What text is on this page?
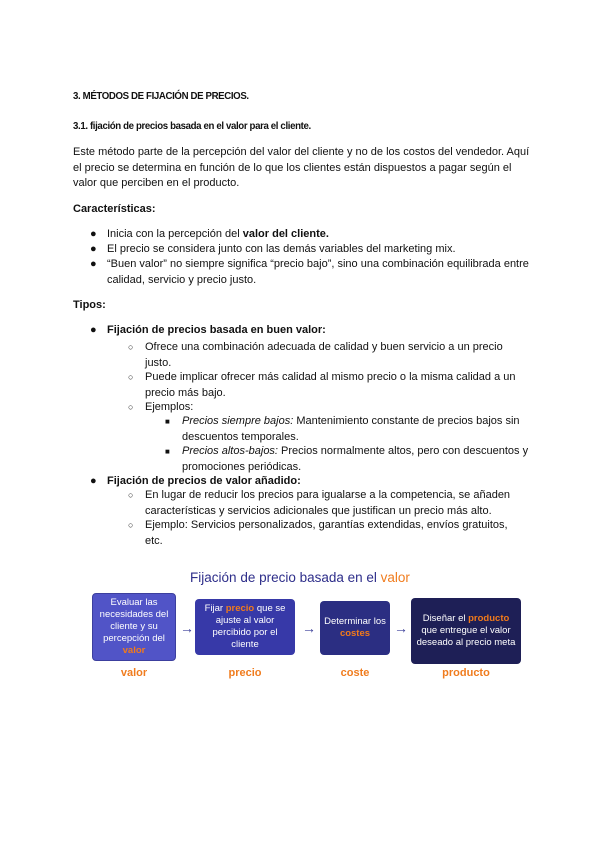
3. MÉTODOS DE FIJACIÓN DE PRECIOS.
3.1. fijación de precios basada en el valor para el cliente.
Este método parte de la percepción del valor del cliente y no de los costos del vendedor. Aquí el precio se determina en función de lo que los clientes están dispuestos a pagar según el valor que perciben en el producto.
Características:
● Inicia con la percepción del valor del cliente.
● El precio se considera junto con las demás variables del marketing mix.
● “Buen valor” no siempre significa “precio bajo”, sino una combinación equilibrada entre calidad, servicio y precio justo.
Tipos:
● Fijación de precios basada en buen valor:
○ Ofrece una combinación adecuada de calidad y buen servicio a un precio justo.
○ Puede implicar ofrecer más calidad al mismo precio o la misma calidad a un precio más bajo.
○ Ejemplos:
■ Precios siempre bajos: Mantenimiento constante de precios bajos sin descuentos temporales.
■ Precios altos-bajos: Precios normalmente altos, pero con descuentos y promociones periódicas.
● Fijación de precios de valor añadido:
○ En lugar de reducir los precios para igualarse a la competencia, se añaden características y servicios adicionales que justifican un precio más alto.
○ Ejemplo: Servicios personalizados, garantías extendidas, envíos gratuitos, etc.
Fijación de precio basada en el valor
Evaluar las necesidades del cliente y su percepción del valor
→
Fijar precio que se ajuste al valor percibido por el cliente
→ Determinar los costes	→
Diseñar el producto que entregue el valor deseado al precio meta
valor	precio	coste	producto
